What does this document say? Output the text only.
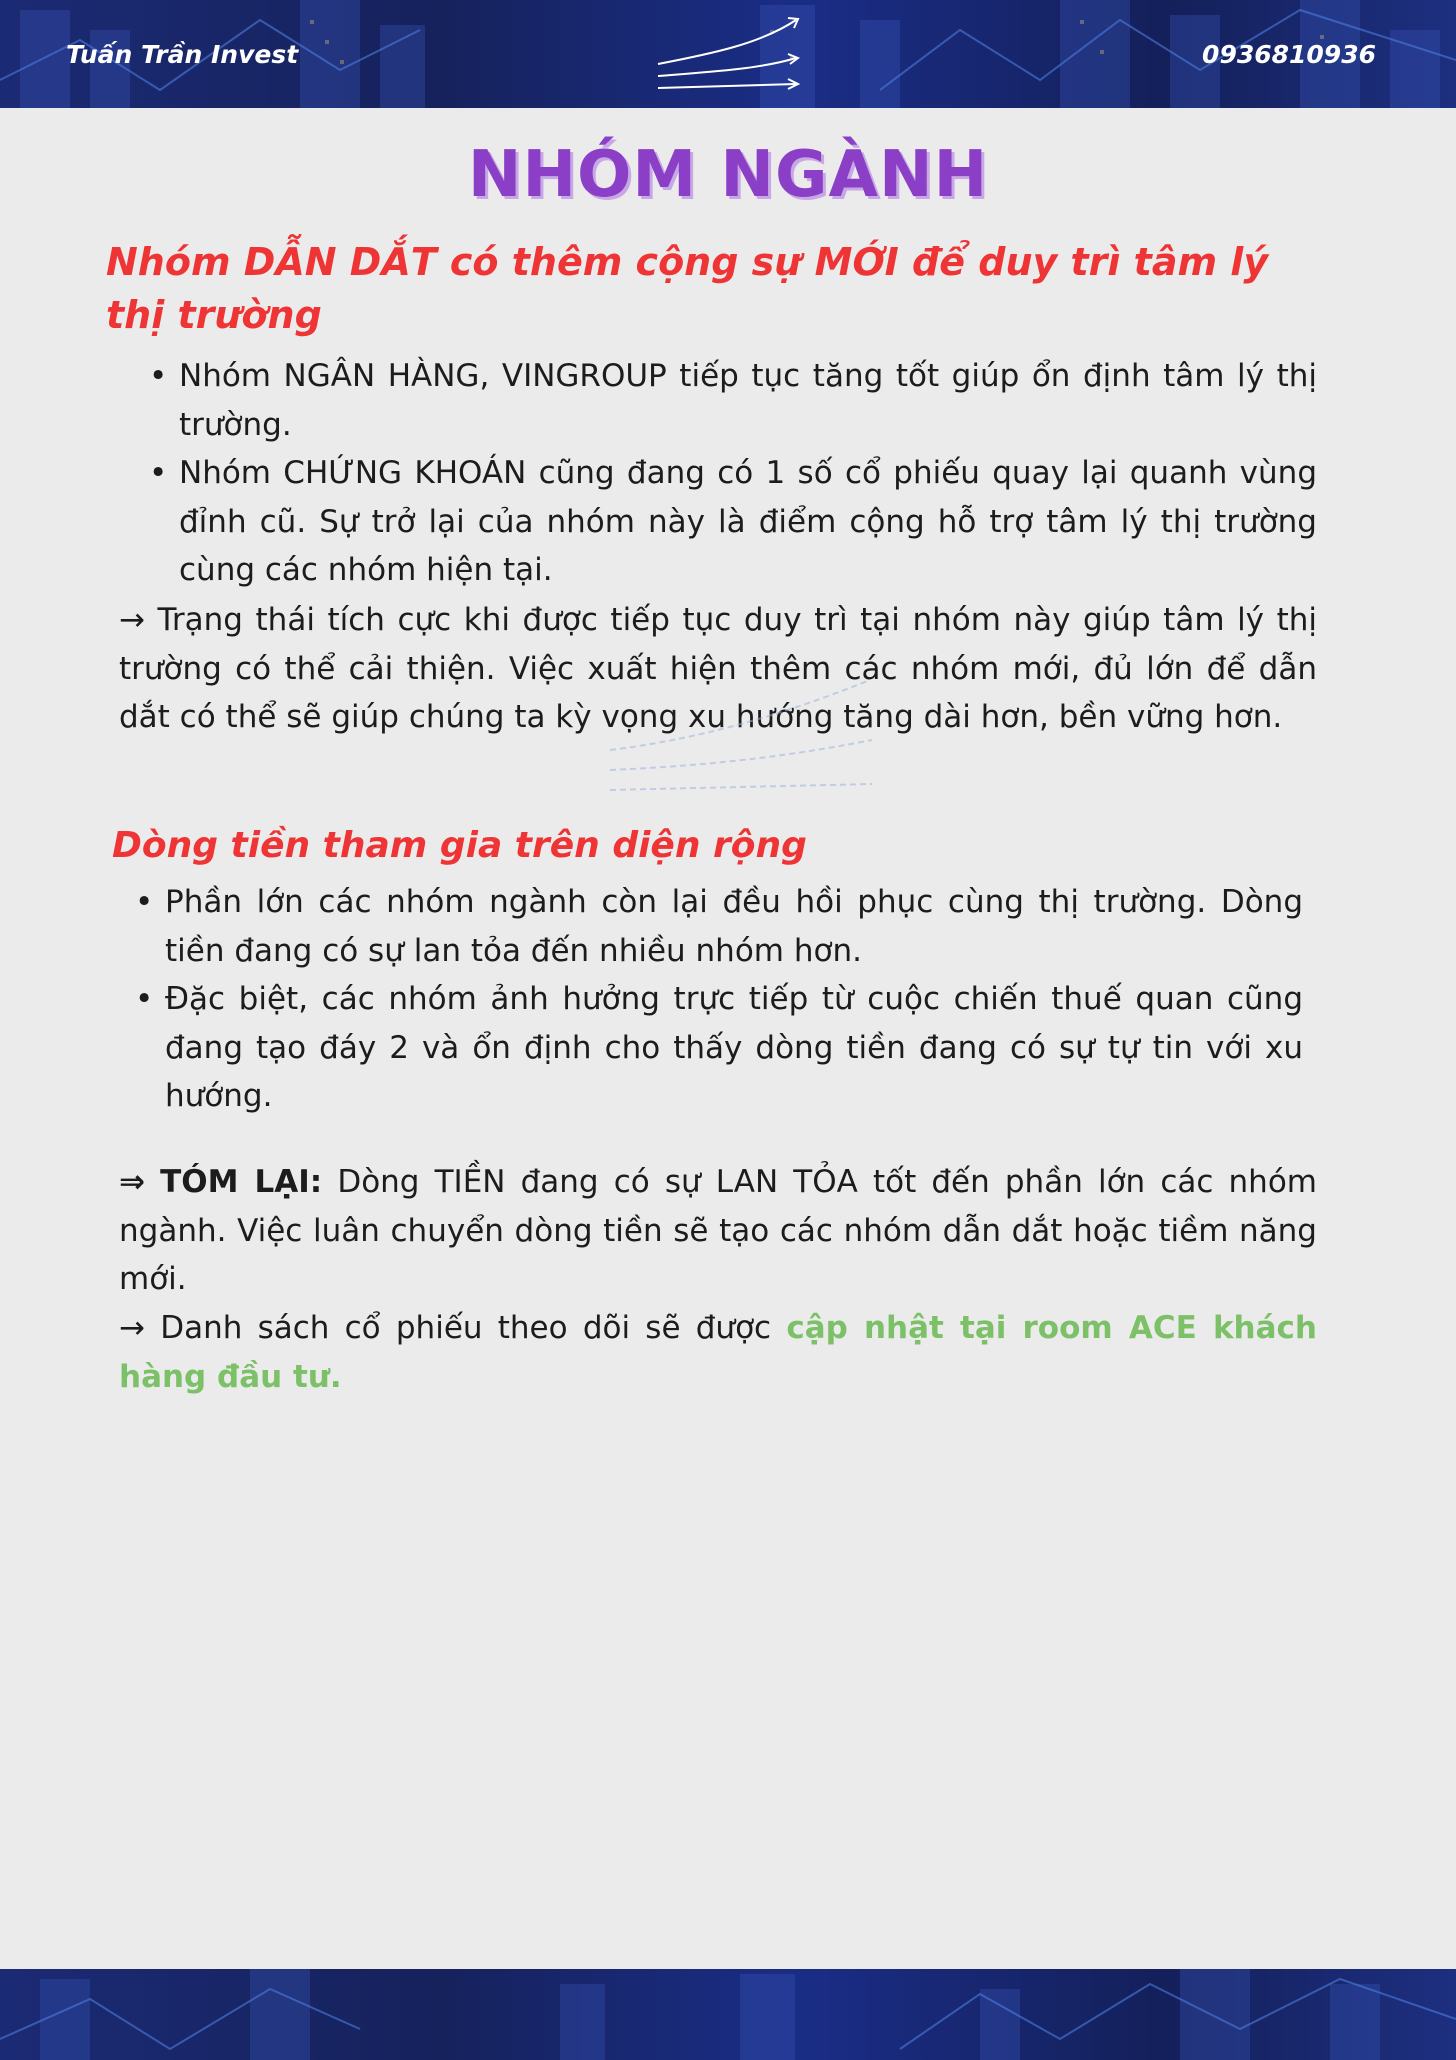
Tuấn Trần Invest	0936810936
NHÓM NGÀNH
Nhóm DẪN DẮT có thêm cộng sự MỚI để duy trì tâm lý thị trường
• Nhóm NGÂN HÀNG, VINGROUP tiếp tục tăng tốt giúp ổn định tâm lý thị trường.
• Nhóm CHỨNG KHOÁN cũng đang có 1 số cổ phiếu quay lại quanh vùng đỉnh cũ. Sự trở lại của nhóm này là điểm cộng hỗ trợ tâm lý thị trường cùng các nhóm hiện tại.

→ Trạng thái tích cực khi được tiếp tục duy trì tại nhóm này giúp tâm lý thị trường có thể cải thiện. Việc xuất hiện thêm các nhóm mới, đủ lớn để dẫn dắt có thể sẽ giúp chúng ta kỳ vọng xu hướng tăng dài hơn, bền vững hơn.

Dòng tiền tham gia trên diện rộng
• Phần lớn các nhóm ngành còn lại đều hồi phục cùng thị trường. Dòng tiền đang có sự lan tỏa đến nhiều nhóm hơn.
• Đặc biệt, các nhóm ảnh hưởng trực tiếp từ cuộc chiến thuế quan cũng đang tạo đáy 2 và ổn định cho thấy dòng tiền đang có sự tự tin với xu hướng.

⇒ TÓM LẠI: Dòng TIỀN đang có sự LAN TỎA tốt đến phần lớn các nhóm ngành. Việc luân chuyển dòng tiền sẽ tạo các nhóm dẫn dắt hoặc tiềm năng mới.

→ Danh sách cổ phiếu theo dõi sẽ được cập nhật tại room ACE khách hàng đầu tư.
